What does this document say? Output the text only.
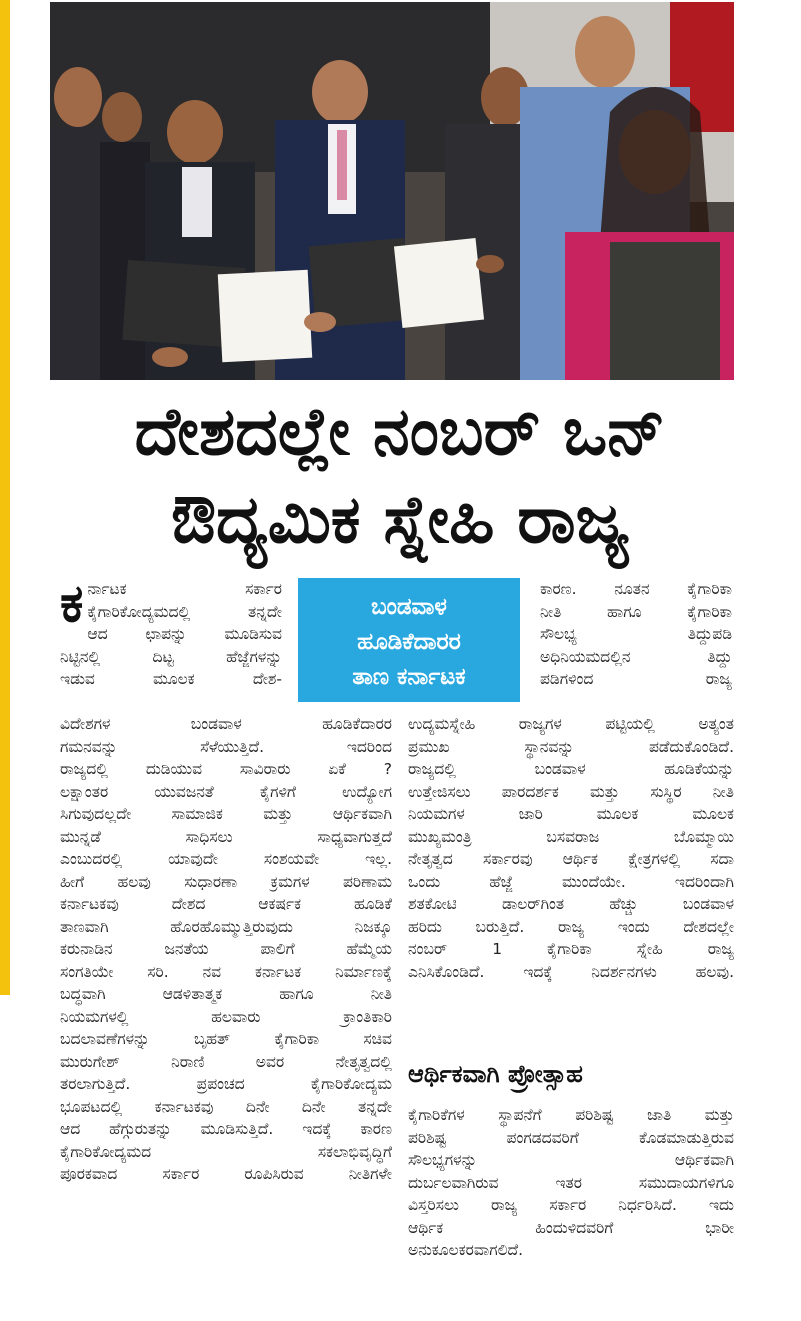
ದೇಶದಲ್ಲೇ ನಂಬರ್ ಒನ್
ಔದ್ಯಮಿಕ ಸ್ನೇಹಿ ರಾಜ್ಯ
ಕ ರ್ನಾಟಕ ಸರ್ಕಾರ

ಕೈಗಾರಿಕೋದ್ಯಮದಲ್ಲಿ ತನ್ನದೇ

ಆದ ಛಾಪನ್ನು ಮೂಡಿಸುವ

ನಿಟ್ಟಿನಲ್ಲಿ ದಿಟ್ಟ ಹೆಜ್ಜೆಗಳನ್ನು

ಇಡುವ ಮೂಲಕ ದೇಶ-

ಬಂಡವಾಳ
ಹೂಡಿಕೆದಾರರ
ತಾಣ ಕರ್ನಾಟಕ

ಕಾರಣ. ನೂತನ ಕೈಗಾರಿಕಾ

ನೀತಿ ಹಾಗೂ ಕೈಗಾರಿಕಾ

ಸೌಲಭ್ಯ ತಿದ್ದುಪಡಿ

ಅಧಿನಿಯಮದಲ್ಲಿನ ತಿದ್ದು

ಪಡಿಗಳಿಂದ ರಾಜ್ಯ

ವಿದೇಶಗಳ ಬಂಡವಾಳ ಹೂಡಿಕೆದಾರರ

ಗಮನವನ್ನು ಸೆಳೆಯುತ್ತಿದೆ. ಇದರಿಂದ

ರಾಜ್ಯದಲ್ಲಿ ದುಡಿಯುವ ಸಾವಿರಾರು ಏಕೆ ?

ಲಕ್ಷಾಂತರ ಯುವಜನತೆ ಕೈಗಳಿಗೆ ಉದ್ಯೋಗ

ಸಿಗುವುದಲ್ಲದೇ ಸಾಮಾಜಿಕ ಮತ್ತು ಆರ್ಥಿಕವಾಗಿ

ಮುನ್ನಡೆ ಸಾಧಿಸಲು ಸಾಧ್ಯವಾಗುತ್ತದೆ

ಎಂಬುದರಲ್ಲಿ ಯಾವುದೇ ಸಂಶಯವೇ ಇಲ್ಲ.

ಹೀಗೆ ಹಲವು ಸುಧಾರಣಾ ಕ್ರಮಗಳ ಪರಿಣಾಮ

ಕರ್ನಾಟಕವು ದೇಶದ ಆಕರ್ಷಕ ಹೂಡಿಕೆ

ತಾಣವಾಗಿ ಹೊರಹೊಮ್ಮುತ್ತಿರುವುದು ನಿಜಕ್ಕೂ

ಕರುನಾಡಿನ ಜನತೆಯ ಪಾಲಿಗೆ ಹೆಮ್ಮೆಯ

ಸಂಗತಿಯೇ ಸರಿ. ನವ ಕರ್ನಾಟಕ ನಿರ್ಮಾಣಕ್ಕೆ

ಬದ್ಧವಾಗಿ ಆಡಳಿತಾತ್ಮಕ ಹಾಗೂ ನೀತಿ

ನಿಯಮಗಳಲ್ಲಿ ಹಲವಾರು ಕ್ರಾಂತಿಕಾರಿ

ಬದಲಾವಣೆಗಳನ್ನು ಬೃಹತ್ ಕೈಗಾರಿಕಾ ಸಚಿವ

ಮುರುಗೇಶ್ ನಿರಾಣಿ ಅವರ ನೇತೃತ್ವದಲ್ಲಿ

ತರಲಾಗುತ್ತಿದೆ. ಪ್ರಪಂಚದ ಕೈಗಾರಿಕೋದ್ಯಮ

ಭೂಪಟದಲ್ಲಿ ಕರ್ನಾಟಕವು ದಿನೇ ದಿನೇ ತನ್ನದೇ

ಆದ ಹೆಗ್ಗುರುತನ್ನು ಮೂಡಿಸುತ್ತಿದೆ. ಇದಕ್ಕೆ ಕಾರಣ

ಕೈಗಾರಿಕೋದ್ಯಮದ ಸಕಲಾಭಿವೃದ್ಧಿಗೆ

ಪೂರಕವಾದ ಸರ್ಕಾರ ರೂಪಿಸಿರುವ ನೀತಿಗಳೇ

ಉದ್ಯಮಸ್ನೇಹಿ ರಾಜ್ಯಗಳ ಪಟ್ಟಿಯಲ್ಲಿ ಅತ್ಯಂತ

ಪ್ರಮುಖ ಸ್ಥಾನವನ್ನು ಪಡೆದುಕೊಂಡಿದೆ.

ರಾಜ್ಯದಲ್ಲಿ ಬಂಡವಾಳ ಹೂಡಿಕೆಯನ್ನು

ಉತ್ತೇಜಿಸಲು ಪಾರದರ್ಶಕ ಮತ್ತು ಸುಸ್ಥಿರ ನೀತಿ

ನಿಯಮಗಳ ಜಾರಿ ಮೂಲಕ ಮೂಲಕ

ಮುಖ್ಯಮಂತ್ರಿ ಬಸವರಾಜ ಬೊಮ್ಮಾಯಿ

ನೇತೃತ್ವದ ಸರ್ಕಾರವು ಆರ್ಥಿಕ ಕ್ಷೇತ್ರಗಳಲ್ಲಿ ಸದಾ

ಒಂದು ಹೆಜ್ಜೆ ಮುಂದೆಯೇ. ಇದರಿಂದಾಗಿ

ಶತಕೋಟಿ ಡಾಲರ್‌ಗಿಂತ ಹೆಚ್ಚು ಬಂಡವಾಳ

ಹರಿದು ಬರುತ್ತಿದೆ. ರಾಜ್ಯ ಇಂದು ದೇಶದಲ್ಲೇ

ನಂಬರ್ 1 ಕೈಗಾರಿಕಾ ಸ್ನೇಹಿ ರಾಜ್ಯ

ಎನಿಸಿಕೊಂಡಿದೆ. ಇದಕ್ಕೆ ನಿದರ್ಶನಗಳು ಹಲವು.

ಆರ್ಥಿಕವಾಗಿ ಪ್ರೋತ್ಸಾಹ

ಕೈಗಾರಿಕೆಗಳ ಸ್ಥಾಪನೆಗೆ ಪರಿಶಿಷ್ಟ ಜಾತಿ ಮತ್ತು

ಪರಿಶಿಷ್ಟ ಪಂಗಡದವರಿಗೆ ಕೊಡಮಾಡುತ್ತಿರುವ

ಸೌಲಭ್ಯಗಳನ್ನು ಆರ್ಥಿಕವಾಗಿ

ದುರ್ಬಲವಾಗಿರುವ ಇತರ ಸಮುದಾಯಗಳಿಗೂ

ವಿಸ್ತರಿಸಲು ರಾಜ್ಯ ಸರ್ಕಾರ ನಿರ್ಧರಿಸಿದೆ. ಇದು

ಆರ್ಥಿಕ ಹಿಂದುಳಿದವರಿಗೆ ಭಾರೀ

ಅನುಕೂಲಕರವಾಗಲಿದೆ.
